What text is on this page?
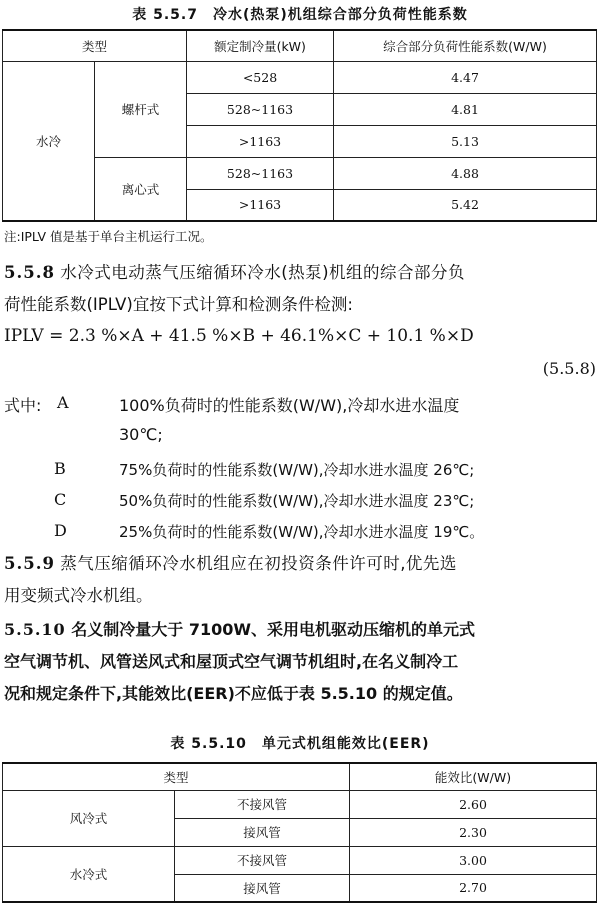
表 5.5.7　冷水(热泵)机组综合部分负荷性能系数
类型		额定制冷量(kW)	综合部分负荷性能系数(W/W)
水冷	螺杆式	<528	4.47
		528~1163	4.81
		>1163	5.13
	离心式	528~1163	4.88
		>1163	5.42
注:IPLV 值是基于单台主机运行工况。
5.5.8 水冷式电动蒸气压缩循环冷水(热泵)机组的综合部分负
荷性能系数(IPLV)宜按下式计算和检测条件检测:
IPLV = 2.3 %×A + 41.5 %×B + 46.1%×C + 10.1 %×D
(5.5.8)
式中: A	100%负荷时的性能系数(W/W),冷却水进水温度
30℃;
B	75%负荷时的性能系数(W/W),冷却水进水温度 26℃;
C	50%负荷时的性能系数(W/W),冷却水进水温度 23℃;
D	25%负荷时的性能系数(W/W),冷却水进水温度 19℃。
5.5.9 蒸气压缩循环冷水机组应在初投资条件许可时,优先选
用变频式冷水机组。
5.5.10 名义制冷量大于 7100W、采用电机驱动压缩机的单元式
空气调节机、风管送风式和屋顶式空气调节机组时,在名义制冷工
况和规定条件下,其能效比(EER)不应低于表 5.5.10 的规定值。
表 5.5.10　单元式机组能效比(EER)
类型		能效比(W/W)
风冷式	不接风管	2.60
	接风管	2.30
水冷式	不接风管	3.00
	接风管	2.70
